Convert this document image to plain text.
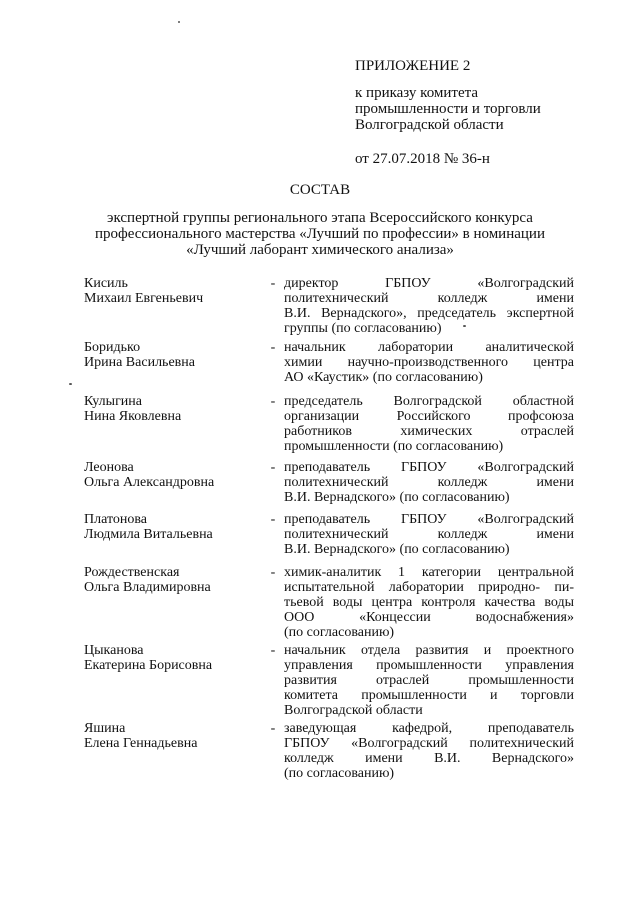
ПРИЛОЖЕНИЕ 2
к приказу комитета
промышленности и торговли
Волгоградской области
от 27.07.2018 № 36-н
СОСТАВ
экспертной группы регионального этапа Всероссийского конкурса
профессионального мастерства «Лучший по профессии» в номинации
«Лучший лаборант химического анализа»
Кисиль
Михаил Евгеньевич
- директор ГБПОУ «Волгоградский
политехнический колледж имени
В.И. Вернадского», председатель экспертной
группы (по согласованию)
Боридько
Ирина Васильевна
- начальник лаборатории аналитической
химии научно-производственного центра
АО «Каустик» (по согласованию)
Кулыгина
Нина Яковлевна
- председатель Волгоградской областной
организации Российского профсоюза
работников химических отраслей
промышленности (по согласованию)
Леонова
Ольга Александровна
- преподаватель ГБПОУ «Волгоградский
политехнический колледж имени
В.И. Вернадского» (по согласованию)
Платонова
Людмила Витальевна
- преподаватель ГБПОУ «Волгоградский
политехнический колледж имени
В.И. Вернадского» (по согласованию)
Рождественская
Ольга Владимировна
- химик-аналитик 1 категории центральной
испытательной лаборатории природно- пи-
тьевой воды центра контроля качества воды
ООО «Концессии водоснабжения»
(по согласованию)
Цыканова
Екатерина Борисовна
- начальник отдела развития и проектного
управления промышленности управления
развития отраслей промышленности
комитета промышленности и торговли
Волгоградской области
Яшина
Елена Геннадьевна
- заведующая кафедрой, преподаватель
ГБПОУ «Волгоградский политехнический
колледж имени В.И. Вернадского»
(по согласованию)
